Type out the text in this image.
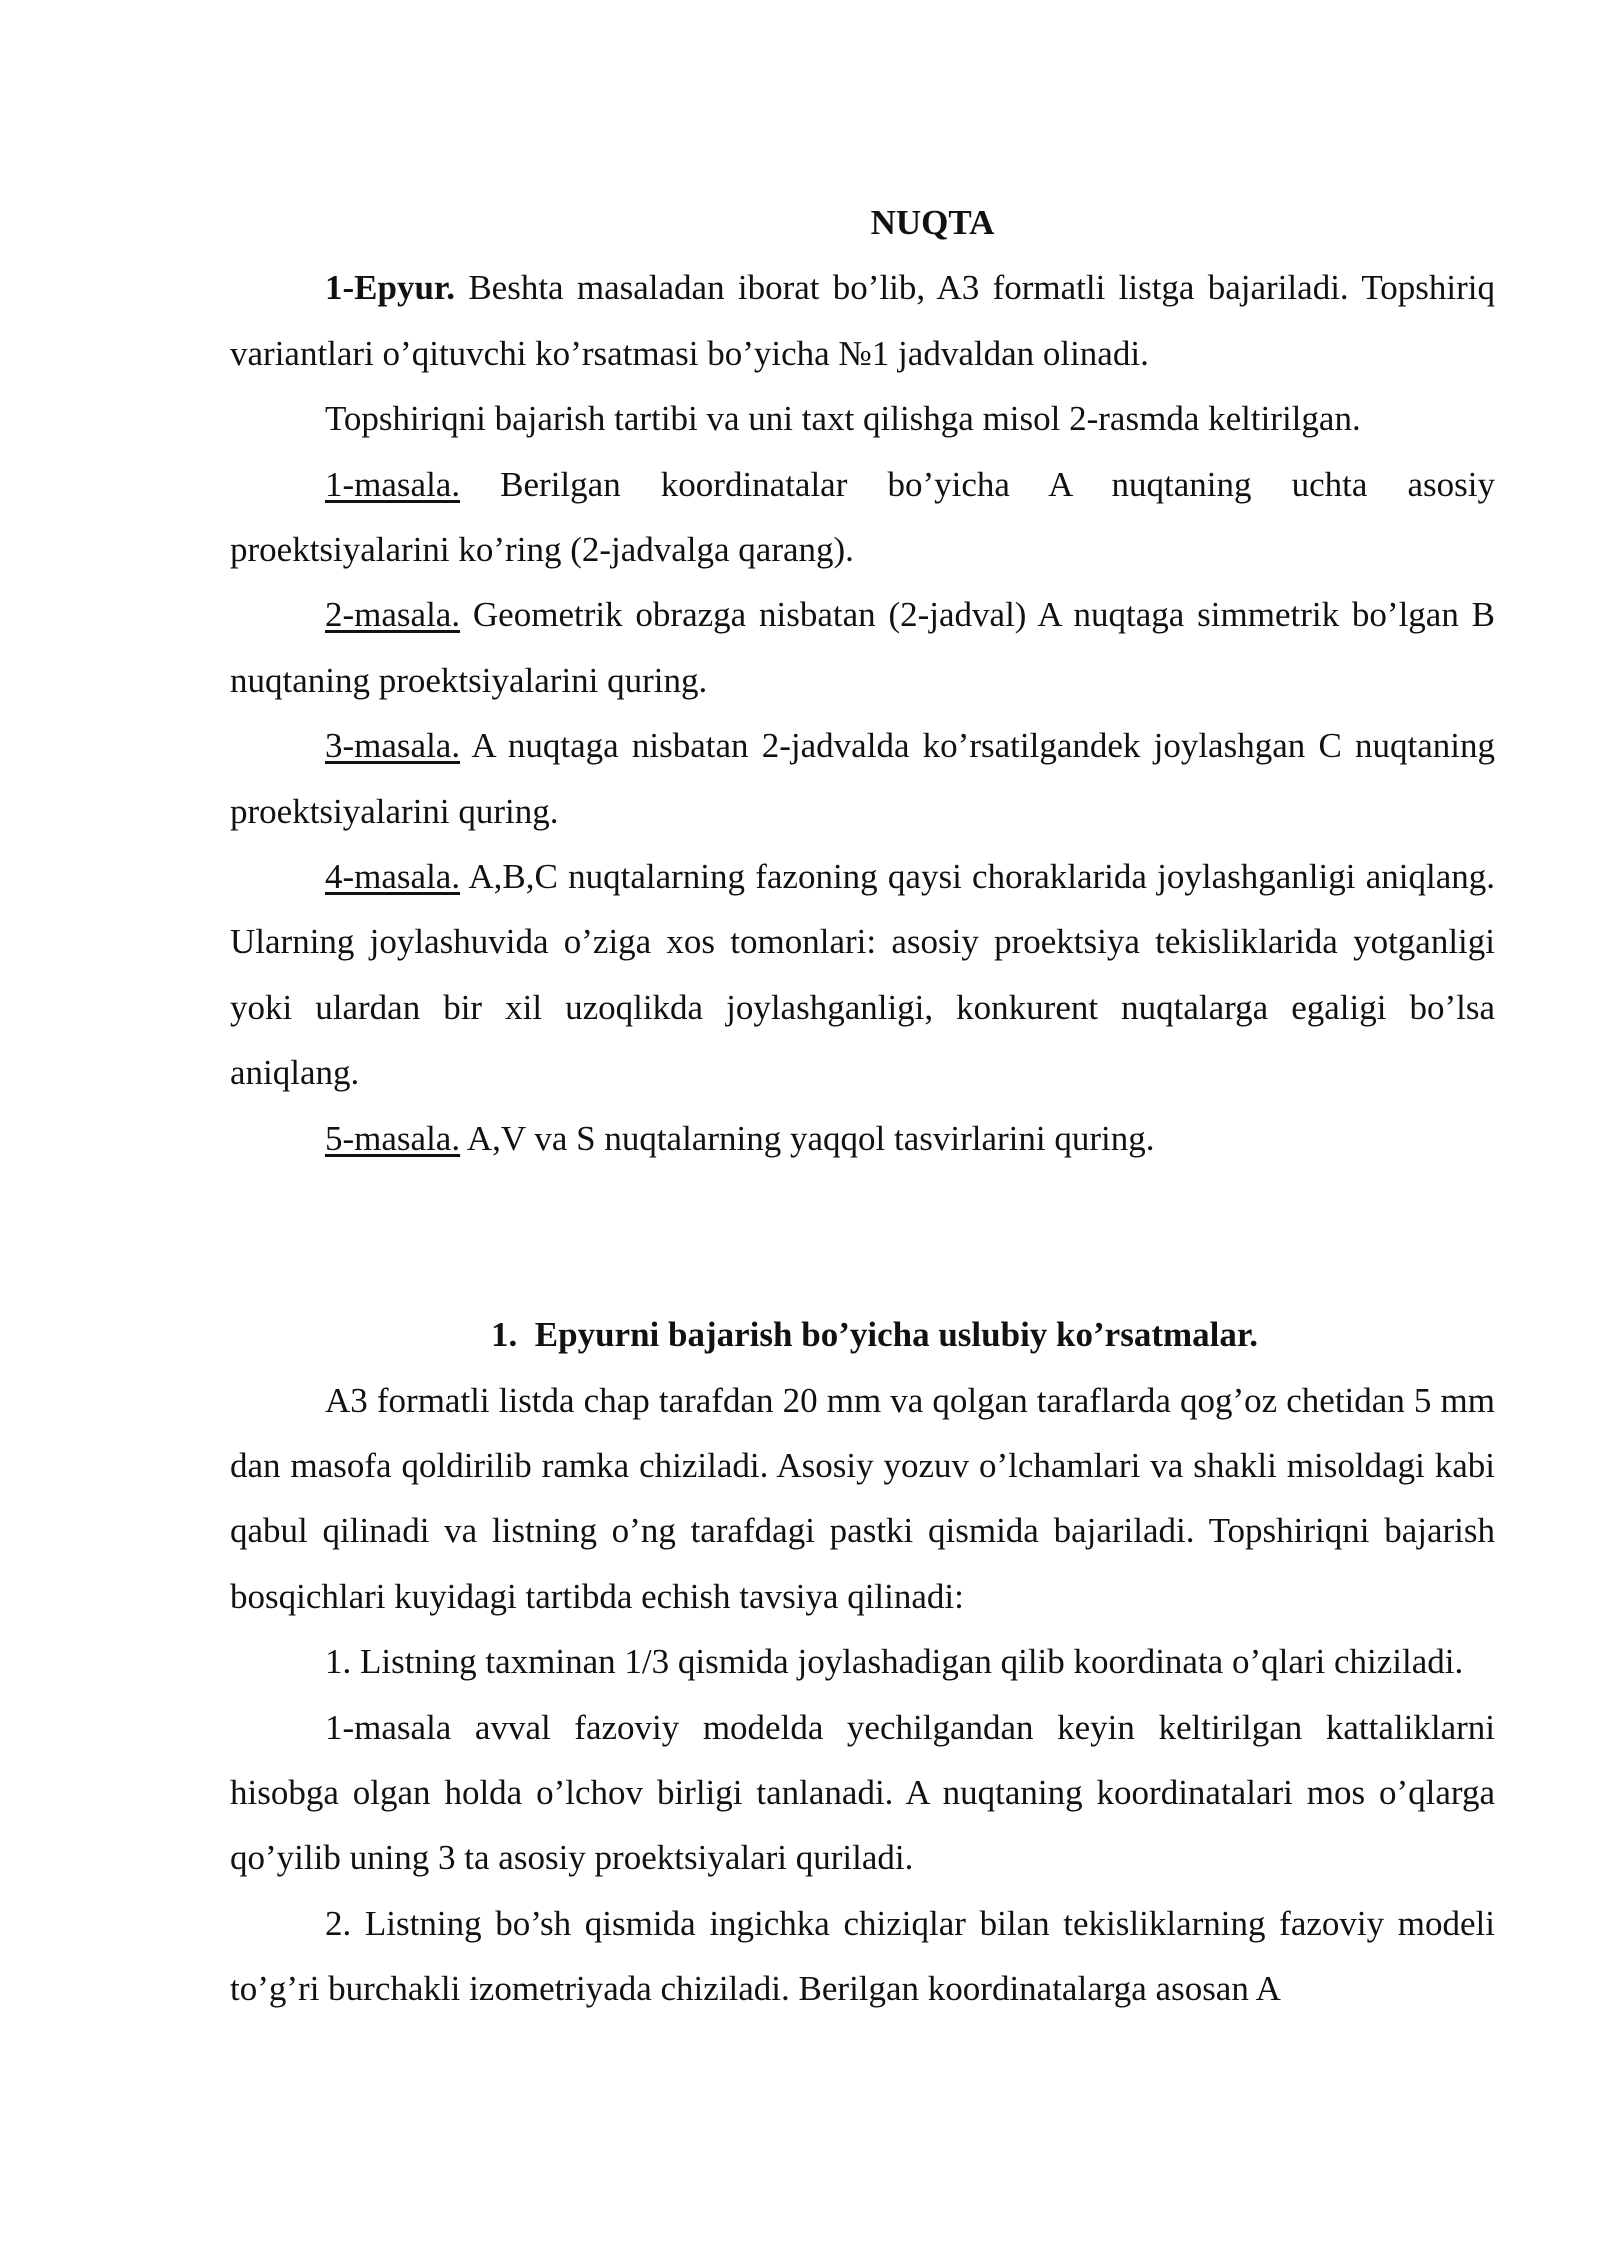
NUQTA

1-Epyur. Beshta masaladan iborat bo’lib, A3 formatli listga bajariladi. Topshiriq variantlari o’qituvchi ko’rsatmasi bo’yicha №1 jadvaldan olinadi.

Topshiriqni bajarish tartibi va uni taxt qilishga misol 2-rasmda keltirilgan.

1-masala. Berilgan koordinatalar bo’yicha A nuqtaning uchta asosiy proektsiyalarini ko’ring (2-jadvalga qarang).

2-masala. Geometrik obrazga nisbatan (2-jadval) A nuqtaga simmetrik bo’lgan B nuqtaning proektsiyalarini quring.

3-masala. A nuqtaga nisbatan 2-jadvalda ko’rsatilgandek joylashgan C nuqtaning proektsiyalarini quring.

4-masala. A,B,C nuqtalarning fazoning qaysi choraklarida joylashganligi aniqlang. Ularning joylashuvida o’ziga xos tomonlari: asosiy proektsiya tekisliklarida yotganligi yoki ulardan bir xil uzoqlikda joylashganligi, konkurent nuqtalarga egaligi bo’lsa aniqlang.

5-masala. A,V va S nuqtalarning yaqqol tasvirlarini quring.

1. Epyurni bajarish bo’yicha uslubiy ko’rsatmalar.

A3 formatli listda chap tarafdan 20 mm va qolgan taraflarda qog’oz chetidan 5 mm dan masofa qoldirilib ramka chiziladi. Asosiy yozuv o’lchamlari va shakli misoldagi kabi qabul qilinadi va listning o’ng tarafdagi pastki qismida bajariladi. Topshiriqni bajarish bosqichlari kuyidagi tartibda echish tavsiya qilinadi:

1. Listning taxminan 1/3 qismida joylashadigan qilib koordinata o’qlari chiziladi.

1-masala avval fazoviy modelda yechilgandan keyin keltirilgan kattaliklarni hisobga olgan holda o’lchov birligi tanlanadi. A nuqtaning koordinatalari mos o’qlarga qo’yilib uning 3 ta asosiy proektsiyalari quriladi.

2. Listning bo’sh qismida ingichka chiziqlar bilan tekisliklarning fazoviy modeli to’g’ri burchakli izometriyada chiziladi. Berilgan koordinatalarga asosan A
